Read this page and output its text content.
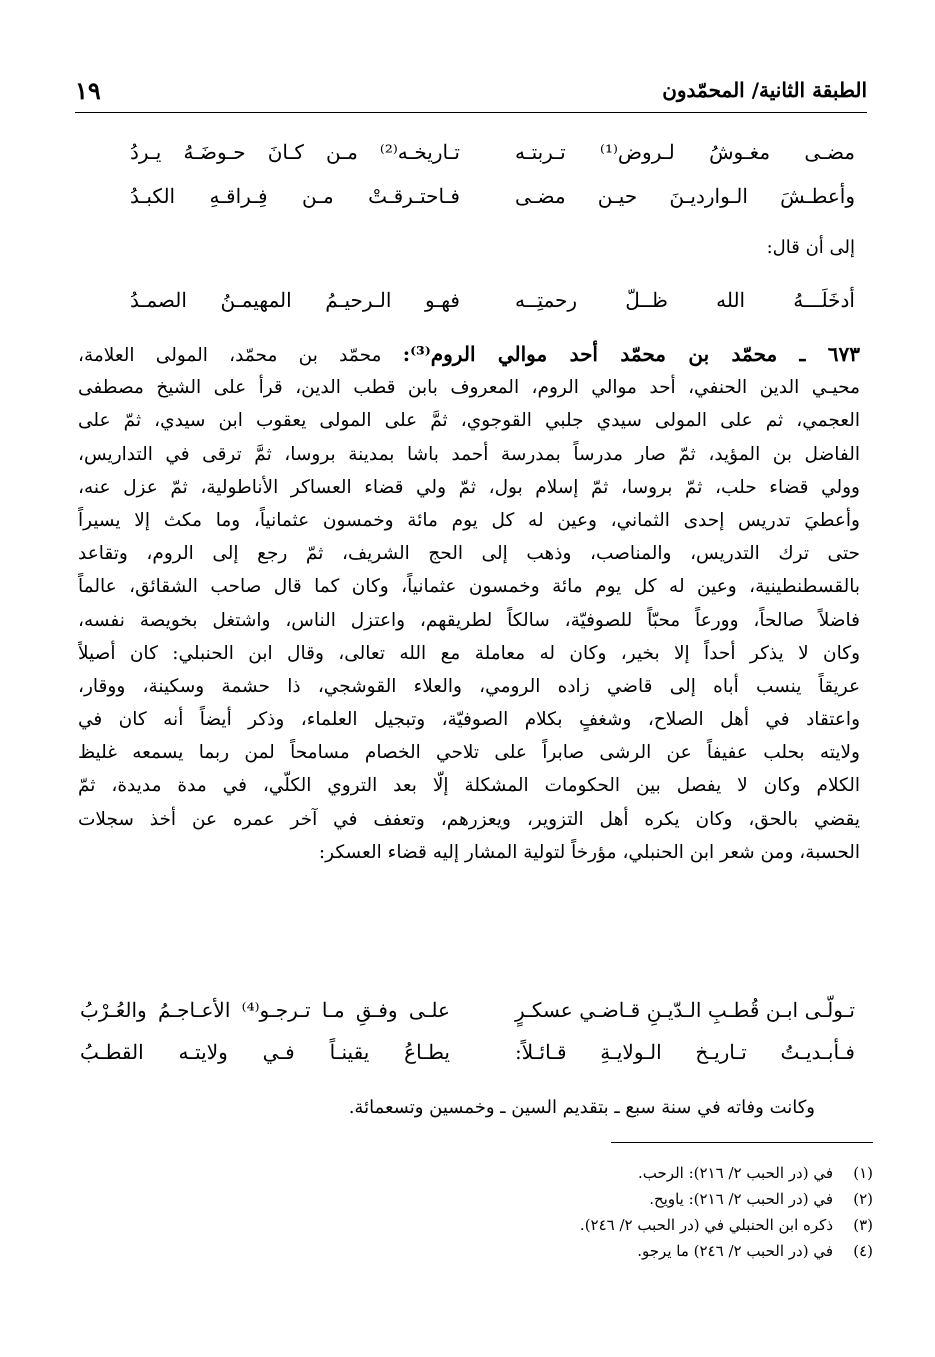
الطبقة الثانية/ المحمّدون
١٩
مضـى مغـوشُ لـروض⁽¹⁾ تـربتـه
تـاريخـه⁽²⁾ مـن كـانَ حـوضَـهُ يـردُ
وأعطـشَ الـوارديـنَ حيـن مضـى
فـاحتـرقـتْ مـن فِـراقـهِ الكبـدُ
إلى أن قال:
أدخَلَـــهُ الله ظــلّ رحمتِــه
فهـو الـرحيـمُ المهيمـنُ الصمـدُ
٦٧٣ ـ محمّد بن محمّد أحد موالي الروم⁽³⁾: محمّد بن محمّد، المولى العلامة،
محيـي الدين الحنفي، أحد موالي الروم، المعروف بابن قطب الدين، قرأ على الشيخ مصطفى
العجمي، ثم على المولى سيدي جلبي القوجوي، ثمَّ على المولى يعقوب ابن سيدي، ثمّ على
الفاضل بن المؤيد، ثمّ صار مدرساً بمدرسة أحمد باشا بمدينة بروسا، ثمَّ ترقى في التداريس،
وولي قضاء حلب، ثمّ بروسا، ثمّ إسلام بول، ثمّ ولي قضاء العساكر الأناطولية، ثمّ عزل عنه،
وأعطيَ تدريس إحدى الثماني، وعين له كل يوم مائة وخمسون عثمانياً، وما مكث إلا يسيراً
حتى ترك التدريس، والمناصب، وذهب إلى الحج الشريف، ثمّ رجع إلى الروم، وتقاعد
بالقسطنطينية، وعين له كل يوم مائة وخمسون عثمانياً، وكان كما قال صاحب الشقائق، عالماً
فاضلاً صالحاً، وورعاً محبّاً للصوفيّة، سالكاً لطريقهم، واعتزل الناس، واشتغل بخويصة نفسه،
وكان لا يذكر أحداً إلا بخير، وكان له معاملة مع الله تعالى، وقال ابن الحنبلي: كان أصيلاً
عريقاً ينسب أباه إلى قاضي زاده الرومي، والعلاء القوشجي، ذا حشمة وسكينة، ووقار،
واعتقاد في أهل الصلاح، وشغفٍ بكلام الصوفيّة، وتبجيل العلماء، وذكر أيضاً أنه كان في
ولايته بحلب عفيفاً عن الرشى صابراً على تلاحي الخصام مسامحاً لمن ربما يسمعه غليظ
الكلام وكان لا يفصل بين الحكومات المشكلة إلّا بعد التروي الكلّي، في مدة مديدة، ثمّ
يقضي بالحق، وكان يكره أهل التزوير، ويعزرهم، وتعفف في آخر عمره عن أخذ سجلات
الحسبة، ومن شعر ابن الحنبلي، مؤرخاً لتولية المشار إليه قضاء العسكر:
تـولّـى ابـن قُطـبِ الـدّيـنِ قـاضـي عسكـرٍ
علـى وفـقِ مـا تـرجـو⁽⁴⁾ الأعـاجـمُ والعُـرْبُ
فـأبـديـتُ تـاريـخ الـولايـةِ قـائـلاً:
يطـاعُ يقينـاً فـي ولايتـه القطـبُ
وكانت وفاته في سنة سبع ـ بتقديم السين ـ وخمسين وتسعمائة.
(١)في (در الحبب ٢/ ٢١٦): الرحب.
(٢)في (در الحبب ٢/ ٢١٦): ياويح.
(٣)ذكره ابن الحنبلي في (در الحبب ٢/ ٢٤٦).
(٤)في (در الحبب ٢/ ٢٤٦) ما يرجو.
